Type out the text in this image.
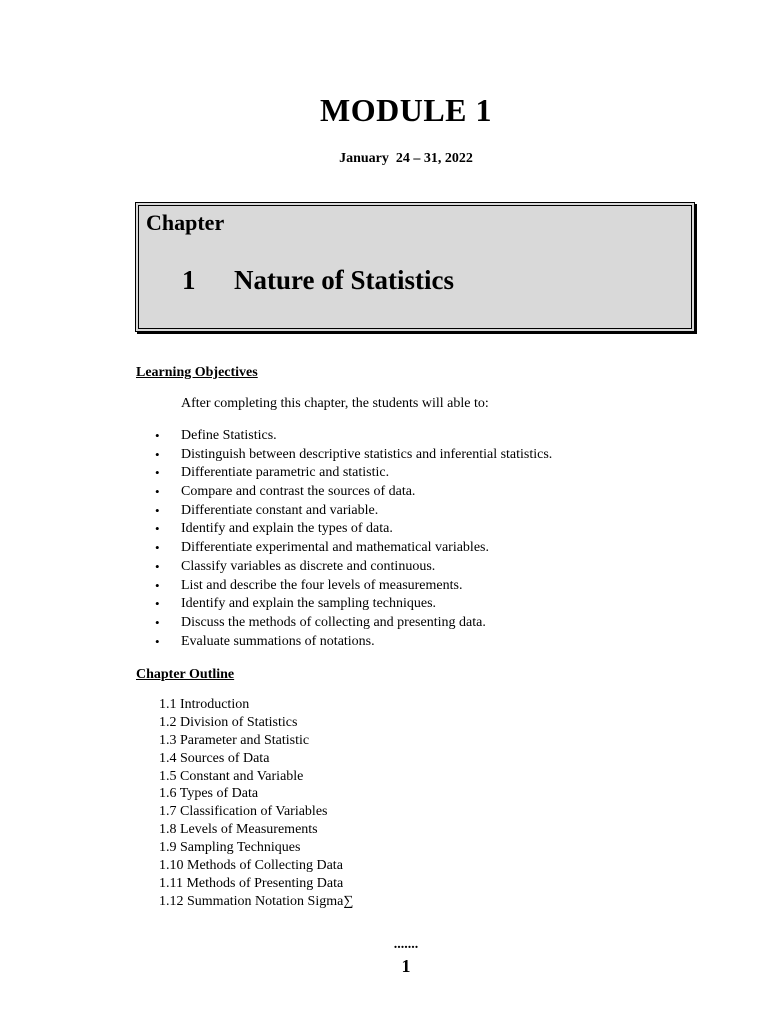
MODULE 1
January  24 – 31, 2022
Chapter
1 Nature of Statistics
Learning Objectives
After completing this chapter, the students will able to:
• Define Statistics.
• Distinguish between descriptive statistics and inferential statistics.
• Differentiate parametric and statistic.
• Compare and contrast the sources of data.
• Differentiate constant and variable.
• Identify and explain the types of data.
• Differentiate experimental and mathematical variables.
• Classify variables as discrete and continuous.
• List and describe the four levels of measurements.
• Identify and explain the sampling techniques.
• Discuss the methods of collecting and presenting data.
• Evaluate summations of notations.
Chapter Outline
1.1 Introduction
1.2 Division of Statistics
1.3 Parameter and Statistic
1.4 Sources of Data
1.5 Constant and Variable
1.6 Types of Data
1.7 Classification of Variables
1.8 Levels of Measurements
1.9 Sampling Techniques
1.10 Methods of Collecting Data
1.11 Methods of Presenting Data
1.12 Summation Notation Sigma∑
.......
1
